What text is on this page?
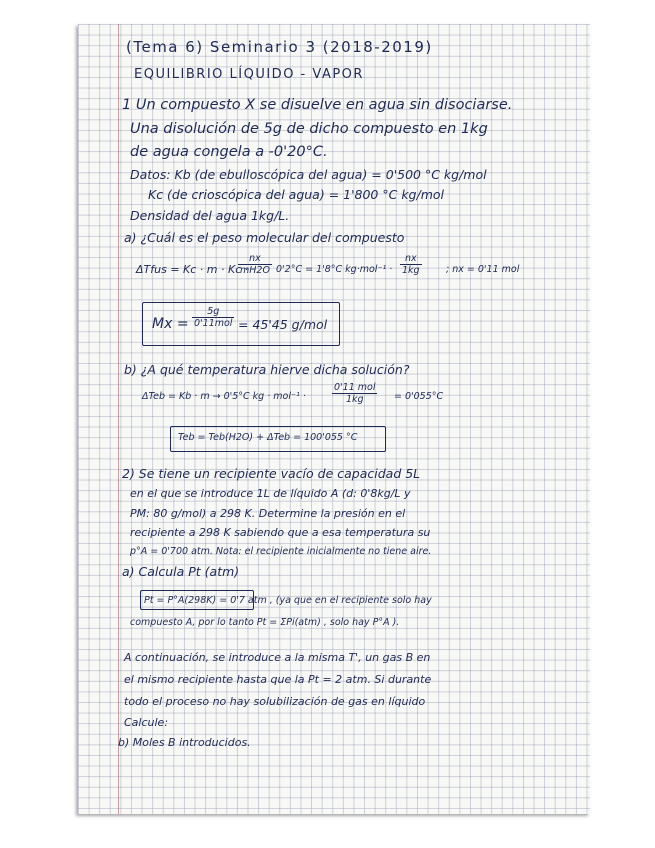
(Tema 6) Seminario 3 (2018-2019)
EQUILIBRIO LÍQUIDO - VAPOR
1 Un compuesto X se disuelve en agua sin disociarse.
Una disolución de 5g de dicho compuesto en 1kg
de agua congela a -0'20°C.
Datos: Kb (de ebulloscópica del agua) = 0'500 °C kg/mol
Kc (de crioscópica del agua) = 1'800 °C kg/mol
Densidad del agua 1kg/L.
a) ¿Cuál es el peso molecular del compuesto
ΔTfus = Kc · m · Kc ·
$\frac{nx}{mH2O} 0'2^\circ C = 1'8^\circ C$ $kg\cdot mol^{-1} \cdot \frac{nx}{1kg}$	; nx = 0'11 mol
Mx =
5g
0'11mol = 45'45 g/mol
b) ¿A qué temperatura hierve dicha solución?
ΔTeb = Kb · m → 0'5°C kg · mol⁻¹ ·
0'11 mol
1kg	= 0'055°C
Teb = Teb(H2O) + ΔTeb = 100'055 °C
2) Se tiene un recipiente vacío de capacidad 5L
en el que se introduce 1L de líquido A (d: 0'8kg/L y
PM: 80 g/mol) a 298 K. Determine la presión en el
recipiente a 298 K sabiendo que a esa temperatura su
p°A = 0'700 atm. Nota: el recipiente inicialmente no tiene aire.
a) Calcula Pt (atm)
Pt = P°A(298K) = 0'7 atm , (ya que en el recipiente solo hay
compuesto A, por lo tanto Pt = ΣPi(atm) , solo hay P°A ).
A continuación, se introduce a la misma T', un gas B en
el mismo recipiente hasta que la Pt = 2 atm. Si durante
todo el proceso no hay solubilización de gas en líquido
Calcule:
b) Moles B introducidos.
